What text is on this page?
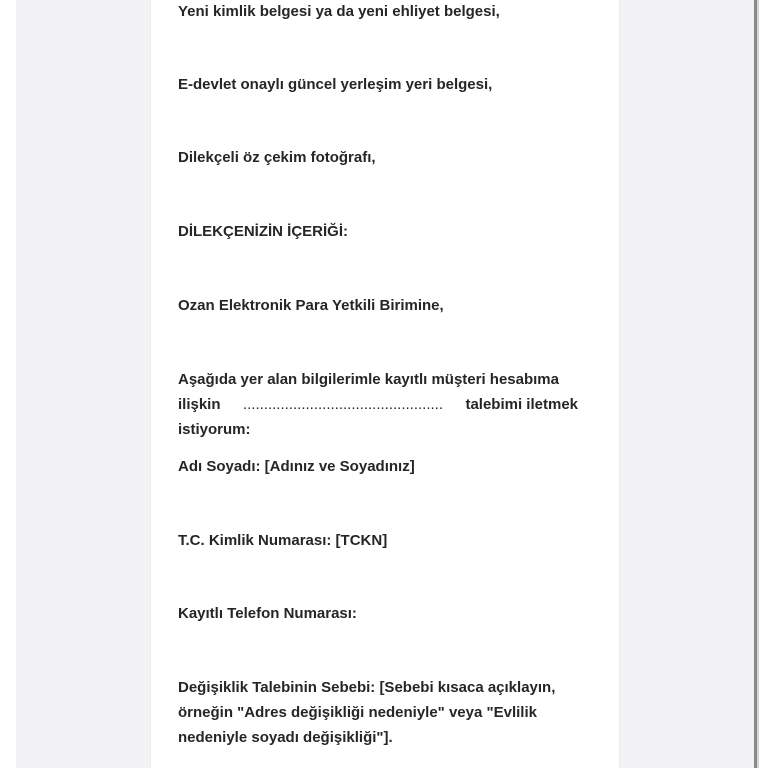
Yeni kimlik belgesi ya da yeni ehliyet belgesi,
E-devlet onaylı güncel yerleşim yeri belgesi,
Dilekçeli öz çekim fotoğrafı,
DİLEKÇENİZİN İÇERİĞİ:
Ozan Elektronik Para Yetkili Birimine,
Aşağıda yer alan bilgilerimle kayıtlı müşteri hesabıma
ilişkin ................................................ talebimi iletmek
istiyorum:
Adı Soyadı: [Adınız ve Soyadınız]
T.C. Kimlik Numarası: [TCKN]
Kayıtlı Telefon Numarası:
Değişiklik Talebinin Sebebi: [Sebebi kısaca açıklayın,
örneğin "Adres değişikliği nedeniyle" veya "Evlilik
nedeniyle soyadı değişikliği"].
